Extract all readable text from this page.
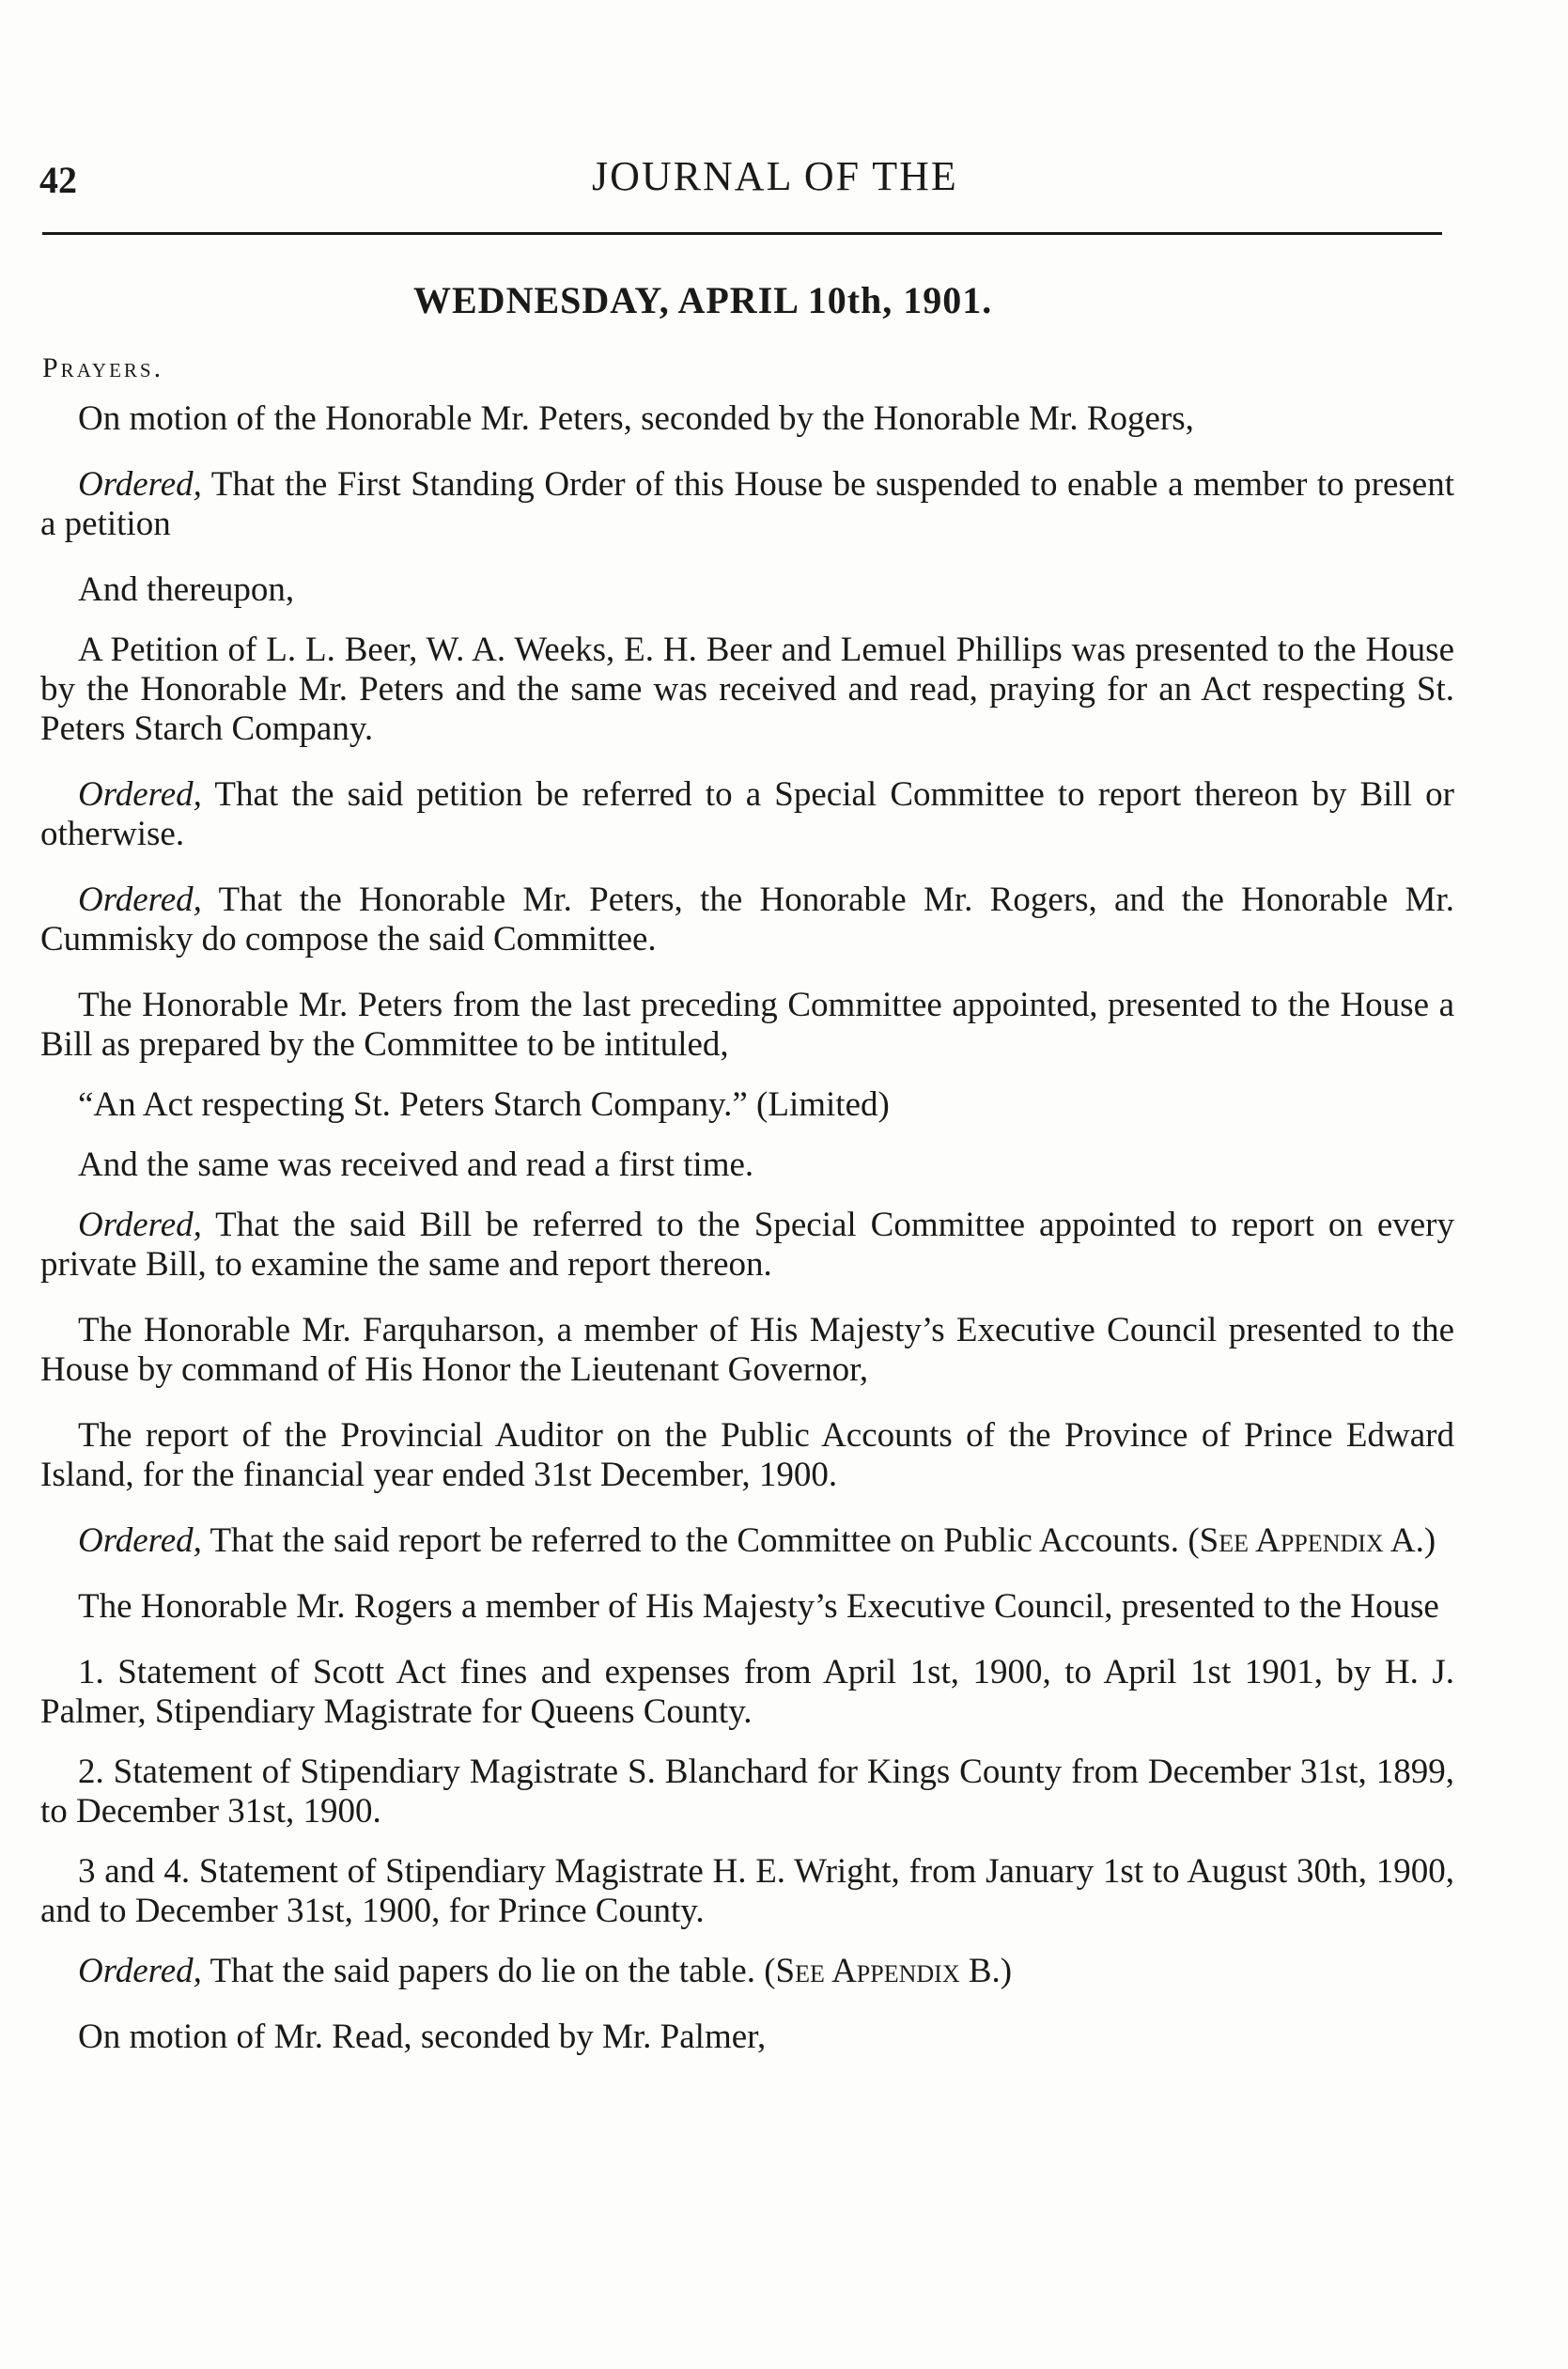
42	JOURNAL OF THE
WEDNESDAY, APRIL 10th, 1901.
Prayers.

On motion of the Honorable Mr. Peters, seconded by the Honorable Mr. Rogers,

Ordered, That the First Standing Order of this House be suspended to enable a member to present a petition

And thereupon,

A Petition of L. L. Beer, W. A. Weeks, E. H. Beer and Lemuel Phillips was presented to the House by the Honorable Mr. Peters and the same was received and read, praying for an Act respecting St. Peters Starch Company.

Ordered, That the said petition be referred to a Special Committee to report thereon by Bill or otherwise.

Ordered, That the Honorable Mr. Peters, the Honorable Mr. Rogers, and the Honorable Mr. Cummisky do compose the said Committee.

The Honorable Mr. Peters from the last preceding Committee appointed, presented to the House a Bill as prepared by the Committee to be intituled,

“An Act respecting St. Peters Starch Company.” (Limited)

And the same was received and read a first time.

Ordered, That the said Bill be referred to the Special Committee appointed to report on every private Bill, to examine the same and report thereon.

The Honorable Mr. Farquharson, a member of His Majesty’s Executive Council presented to the House by command of His Honor the Lieutenant Governor,

The report of the Provincial Auditor on the Public Accounts of the Province of Prince Edward Island, for the financial year ended 31st December, 1900.

Ordered, That the said report be referred to the Committee on Public Accounts. (See Appendix A.)

The Honorable Mr. Rogers a member of His Majesty’s Executive Council, presented to the House

1. Statement of Scott Act fines and expenses from April 1st, 1900, to April 1st 1901, by H. J. Palmer, Stipendiary Magistrate for Queens County.

2. Statement of Stipendiary Magistrate S. Blanchard for Kings County from December 31st, 1899, to December 31st, 1900.

3 and 4. Statement of Stipendiary Magistrate H. E. Wright, from January 1st to August 30th, 1900, and to December 31st, 1900, for Prince County.

Ordered, That the said papers do lie on the table. (See Appendix B.)

On motion of Mr. Read, seconded by Mr. Palmer,
